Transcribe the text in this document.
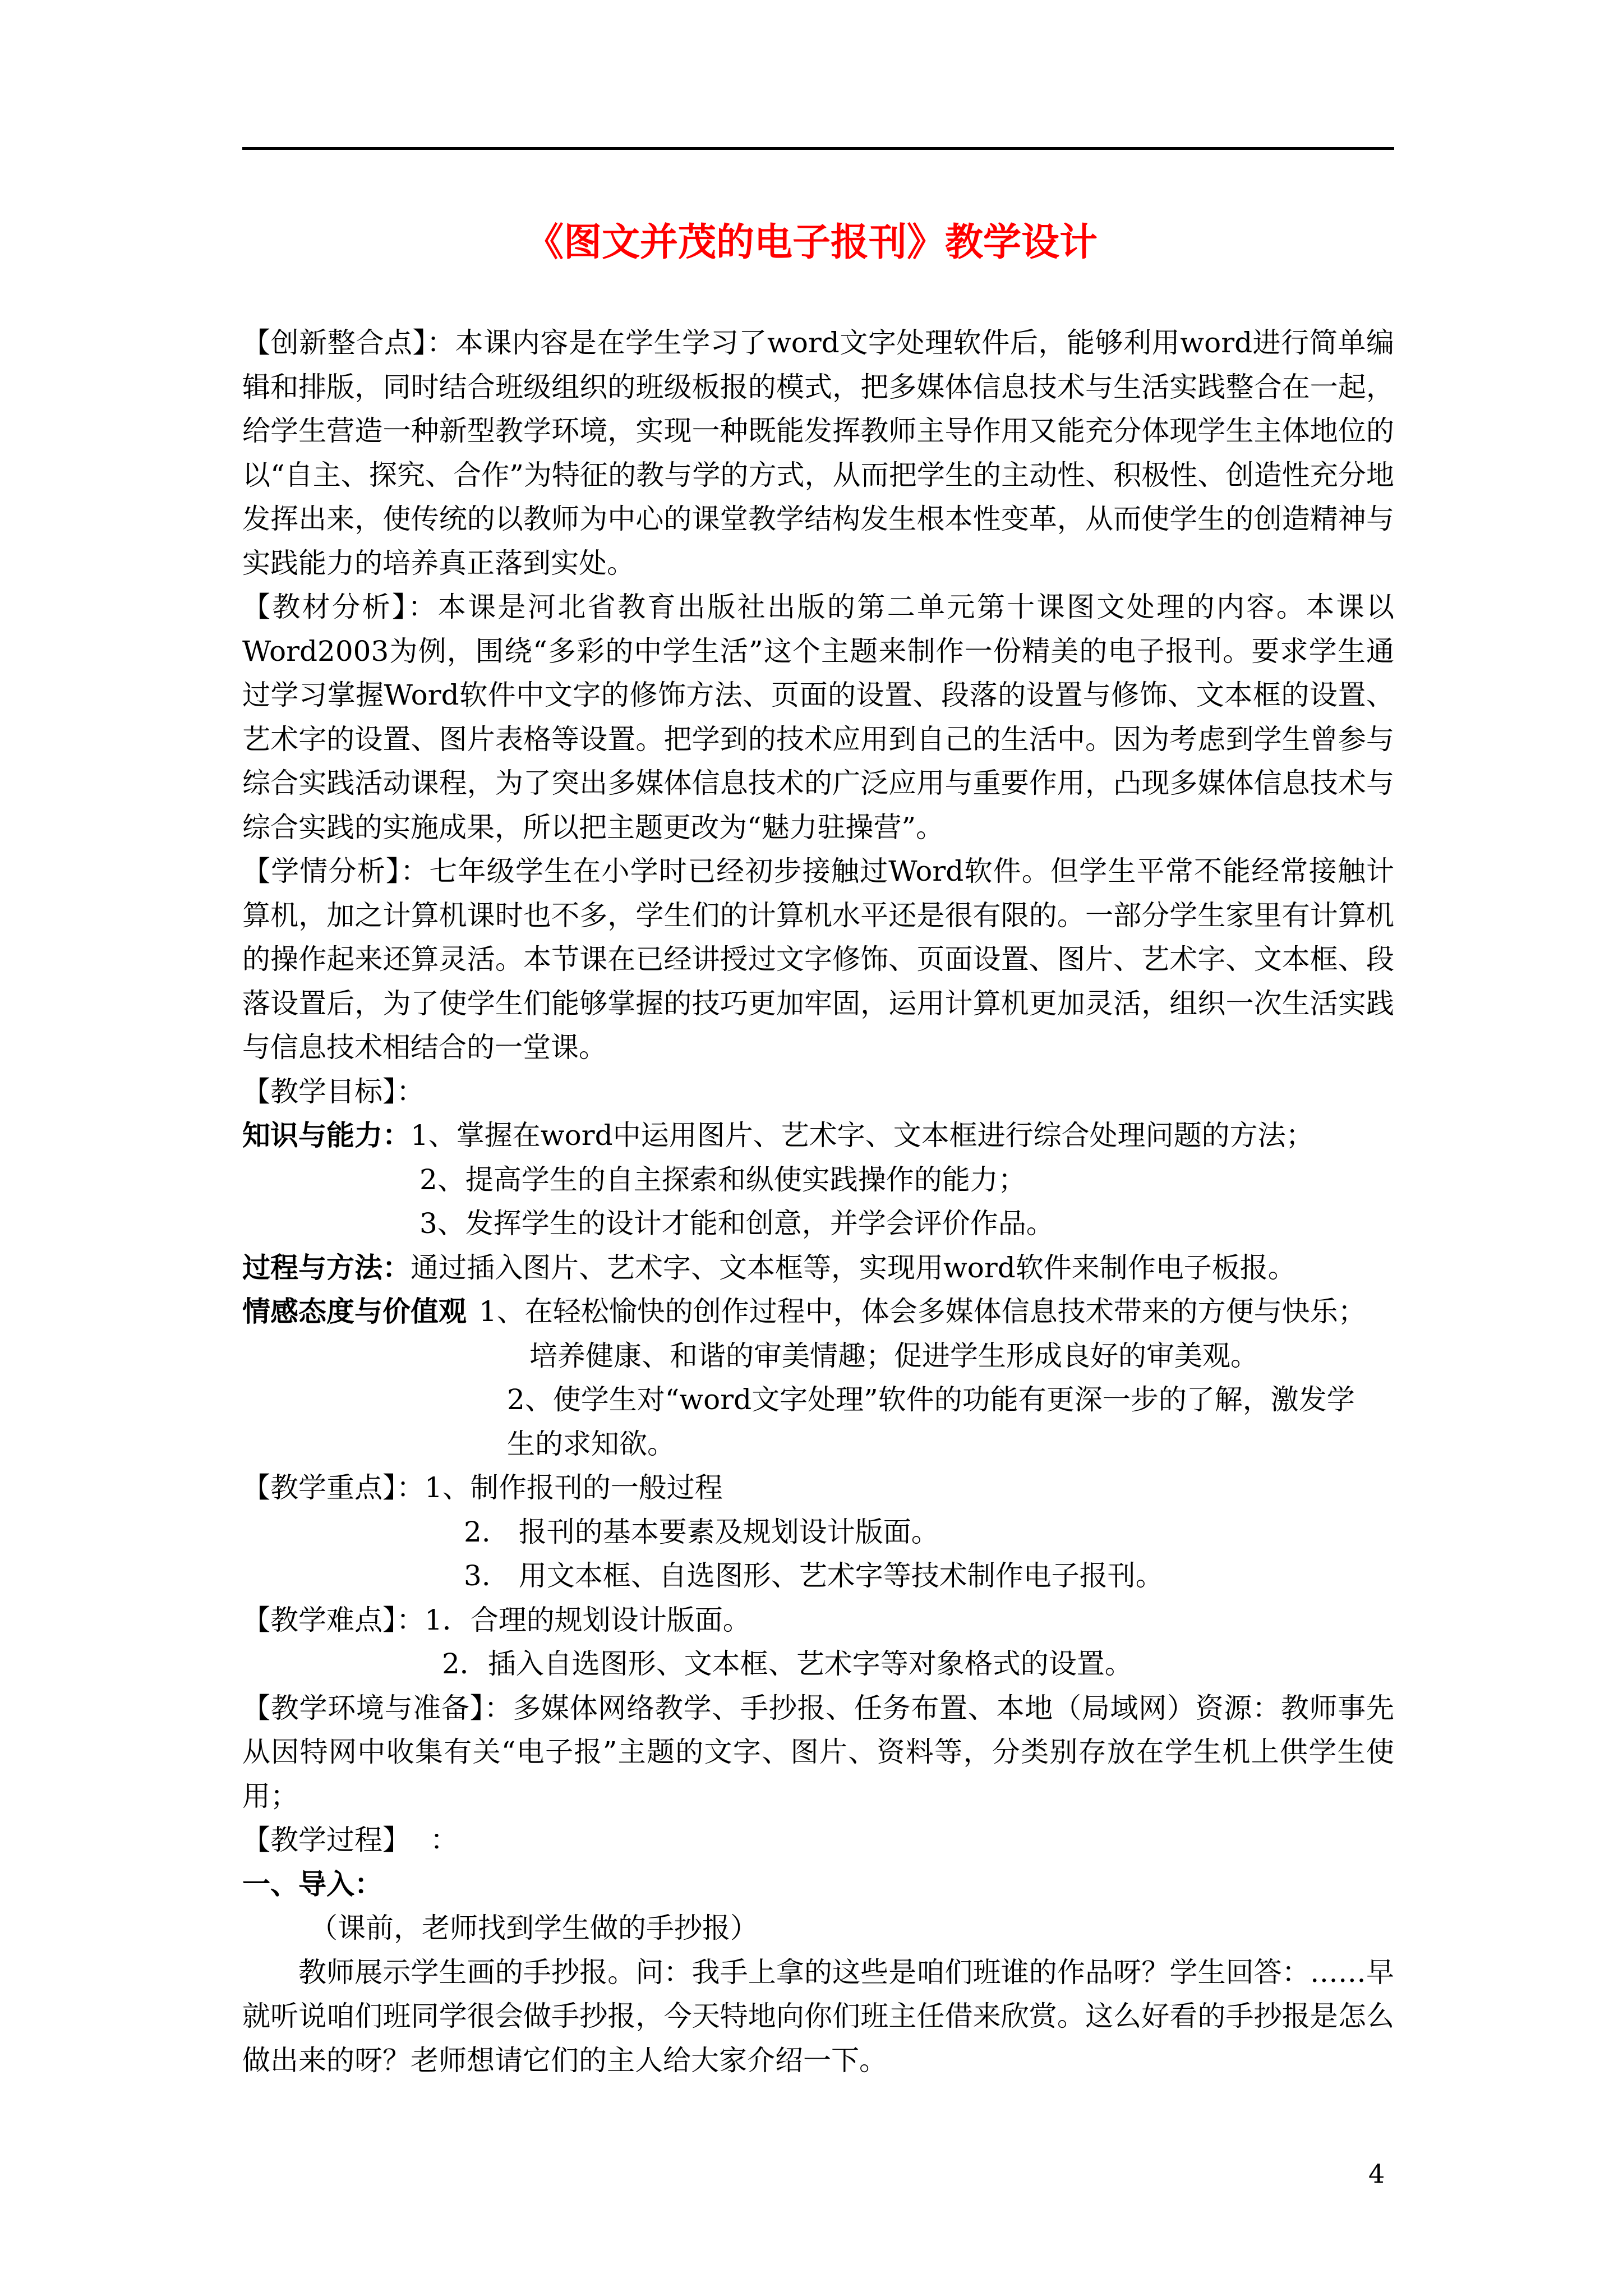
《图文并茂的电子报刊》教学设计

【创新整合点】：本课内容是在学生学习了word文字处理软件后，能够利用word进行简单编辑和排版，同时结合班级组织的班级板报的模式，把多媒体信息技术与生活实践整合在一起，给学生营造一种新型教学环境，实现一种既能发挥教师主导作用又能充分体现学生主体地位的以“自主、探究、合作”为特征的教与学的方式，从而把学生的主动性、积极性、创造性充分地发挥出来，使传统的以教师为中心的课堂教学结构发生根本性变革，从而使学生的创造精神与实践能力的培养真正落到实处。

【教材分析】：本课是河北省教育出版社出版的第二单元第十课图文处理的内容。本课以Word2003为例，围绕“多彩的中学生活”这个主题来制作一份精美的电子报刊。要求学生通过学习掌握Word软件中文字的修饰方法、页面的设置、段落的设置与修饰、文本框的设置、艺术字的设置、图片表格等设置。把学到的技术应用到自己的生活中。因为考虑到学生曾参与综合实践活动课程，为了突出多媒体信息技术的广泛应用与重要作用，凸现多媒体信息技术与综合实践的实施成果，所以把主题更改为“魅力驻操营”。

【学情分析】：七年级学生在小学时已经初步接触过Word软件。但学生平常不能经常接触计算机，加之计算机课时也不多，学生们的计算机水平还是很有限的。一部分学生家里有计算机的操作起来还算灵活。本节课在已经讲授过文字修饰、页面设置、图片、艺术字、文本框、段落设置后，为了使学生们能够掌握的技巧更加牢固，运用计算机更加灵活，组织一次生活实践与信息技术相结合的一堂课。

【教学目标】：

知识与能力：1、掌握在word中运用图片、艺术字、文本框进行综合处理问题的方法；

2、提高学生的自主探索和纵使实践操作的能力；

3、发挥学生的设计才能和创意，并学会评价作品。

过程与方法：通过插入图片、艺术字、文本框等，实现用word软件来制作电子板报。

情感态度与价值观 1、在轻松愉快的创作过程中，体会多媒体信息技术带来的方便与快乐；

培养健康、和谐的审美情趣；促进学生形成良好的审美观。

2、使学生对“word文字处理”软件的功能有更深一步的了解，激发学

生的求知欲。

【教学重点】：1、制作报刊的一般过程

2.　报刊的基本要素及规划设计版面。

3.　用文本框、自选图形、艺术字等技术制作电子报刊。

【教学难点】：1．合理的规划设计版面。

2．插入自选图形、文本框、艺术字等对象格式的设置。

【教学环境与准备】：多媒体网络教学、手抄报、任务布置、本地（局域网）资源：教师事先从因特网中收集有关“电子报”主题的文字、图片、资料等，分类别存放在学生机上供学生使用；

【教学过程】 ：

一、导入：

（课前，老师找到学生做的手抄报）

教师展示学生画的手抄报。问：我手上拿的这些是咱们班谁的作品呀？学生回答：……早就听说咱们班同学很会做手抄报，今天特地向你们班主任借来欣赏。这么好看的手抄报是怎么做出来的呀？老师想请它们的主人给大家介绍一下。

4
